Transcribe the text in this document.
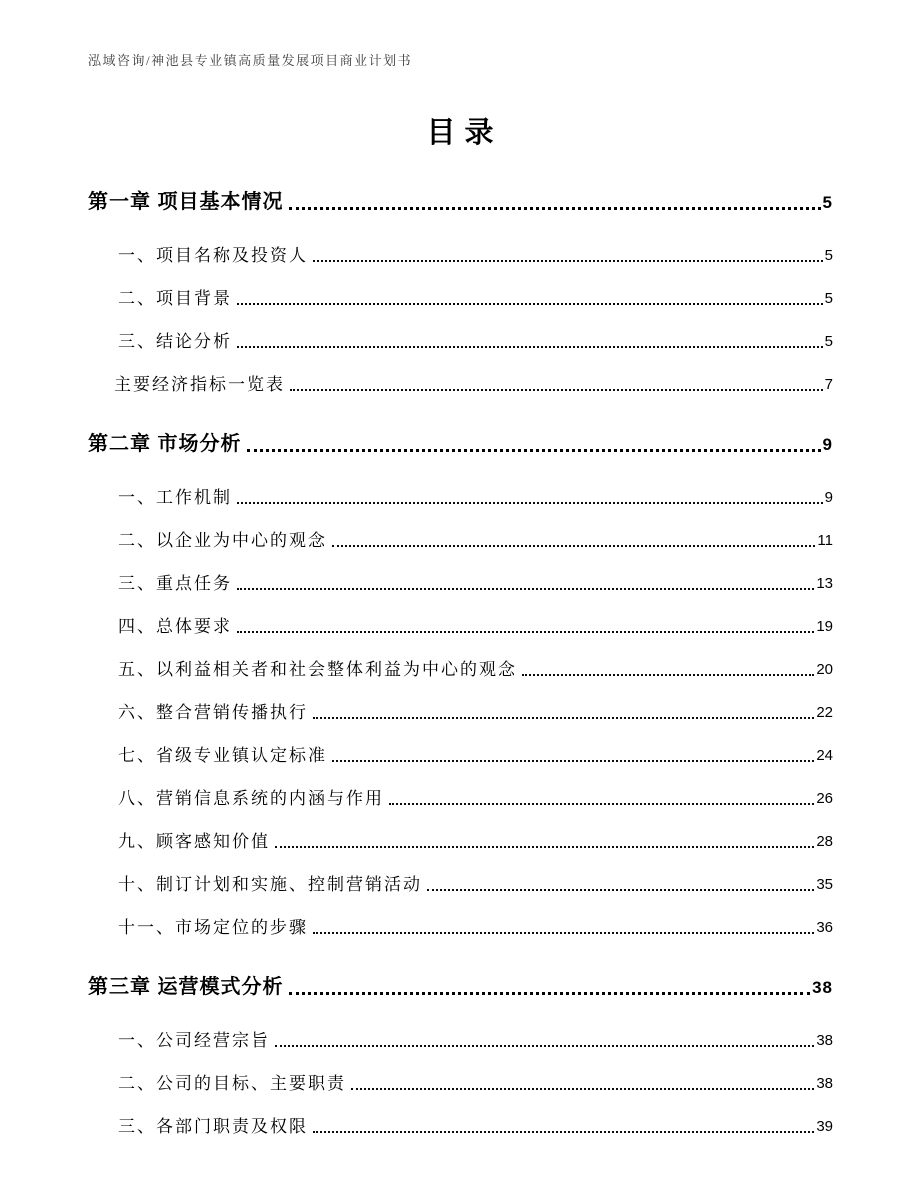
泓域咨询/神池县专业镇高质量发展项目商业计划书
目录
第一章 项目基本情况	5
一、项目名称及投资人	5
二、项目背景	5
三、结论分析	5
主要经济指标一览表	7
第二章 市场分析	9
一、工作机制	9
二、以企业为中心的观念	11
三、重点任务	13
四、总体要求	19
五、以利益相关者和社会整体利益为中心的观念	20
六、整合营销传播执行	22
七、省级专业镇认定标准	24
八、营销信息系统的内涵与作用	26
九、顾客感知价值	28
十、制订计划和实施、控制营销活动	35
十一、市场定位的步骤	36
第三章 运营模式分析	38
一、公司经营宗旨	38
二、公司的目标、主要职责	38
三、各部门职责及权限	39
